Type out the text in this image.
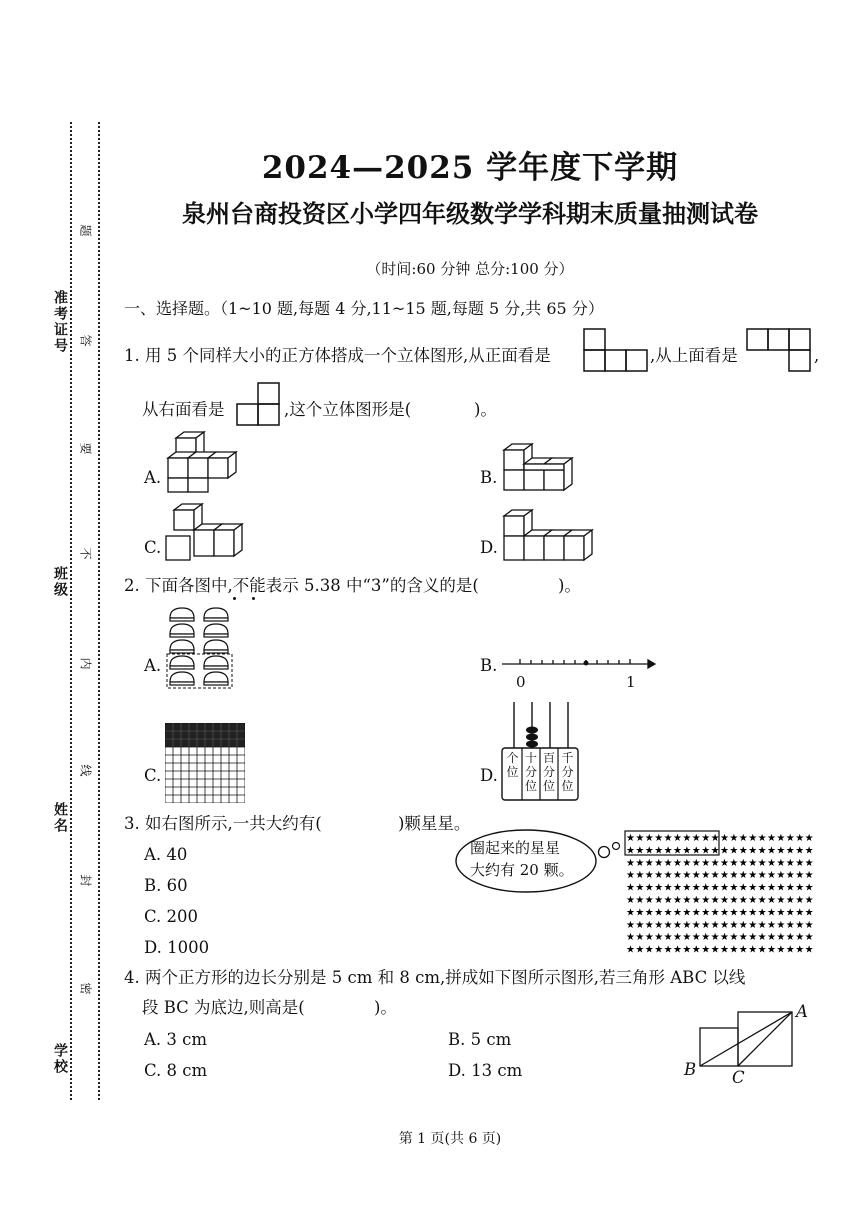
准考证号
班级
姓名
学校
题
答
要
不
内
线
封
密
2024—2025 学年度下学期
泉州台商投资区小学四年级数学学科期末质量抽测试卷
（时间:60 分钟 总分:100 分）
一、选择题。（1~10 题,每题 4 分,11~15 题,每题 5 分,共 65 分）
1. 用 5 个同样大小的正方体搭成一个立体图形,从正面看是	,从上面看是	,
从右面看是	,这个立体图形是(	)。
A.	B.
C.	D.
2. 下面各图中,不能表示 5.38 中“3”的含义的是(	)。
A.	B.
0	1
C.	D.
个位
十分位
百分位
千分位
3. 如右图所示,一共大约有(	)颗星星。
A. 40
B. 60
C. 200
D. 1000
圈起来的星星
大约有 20 颗。
★ ★ ★ ★ ★ ★ ★ ★ ★ ★ ★ ★ ★ ★ ★ ★ ★ ★ ★ ★
★ ★ ★ ★ ★ ★ ★ ★ ★ ★ ★ ★ ★ ★ ★ ★ ★ ★ ★ ★
★ ★ ★ ★ ★ ★ ★ ★ ★ ★ ★ ★ ★ ★ ★ ★ ★ ★ ★ ★
★ ★ ★ ★ ★ ★ ★ ★ ★ ★ ★ ★ ★ ★ ★ ★ ★ ★ ★ ★
★ ★ ★ ★ ★ ★ ★ ★ ★ ★ ★ ★ ★ ★ ★ ★ ★ ★ ★ ★
★ ★ ★ ★ ★ ★ ★ ★ ★ ★ ★ ★ ★ ★ ★ ★ ★ ★ ★ ★
★ ★ ★ ★ ★ ★ ★ ★ ★ ★ ★ ★ ★ ★ ★ ★ ★ ★ ★ ★
★ ★ ★ ★ ★ ★ ★ ★ ★ ★ ★ ★ ★ ★ ★ ★ ★ ★ ★ ★
★ ★ ★ ★ ★ ★ ★ ★ ★ ★ ★ ★ ★ ★ ★ ★ ★ ★ ★ ★
★ ★ ★ ★ ★ ★ ★ ★ ★ ★ ★ ★ ★ ★ ★ ★ ★ ★ ★ ★
4. 两个正方形的边长分别是 5 cm 和 8 cm,拼成如下图所示图形,若三角形 ABC 以线
段 BC 为底边,则高是(	)。
A. 3 cm	B. 5 cm
C. 8 cm	D. 13 cm
A
B C
第 1 页(共 6 页)
